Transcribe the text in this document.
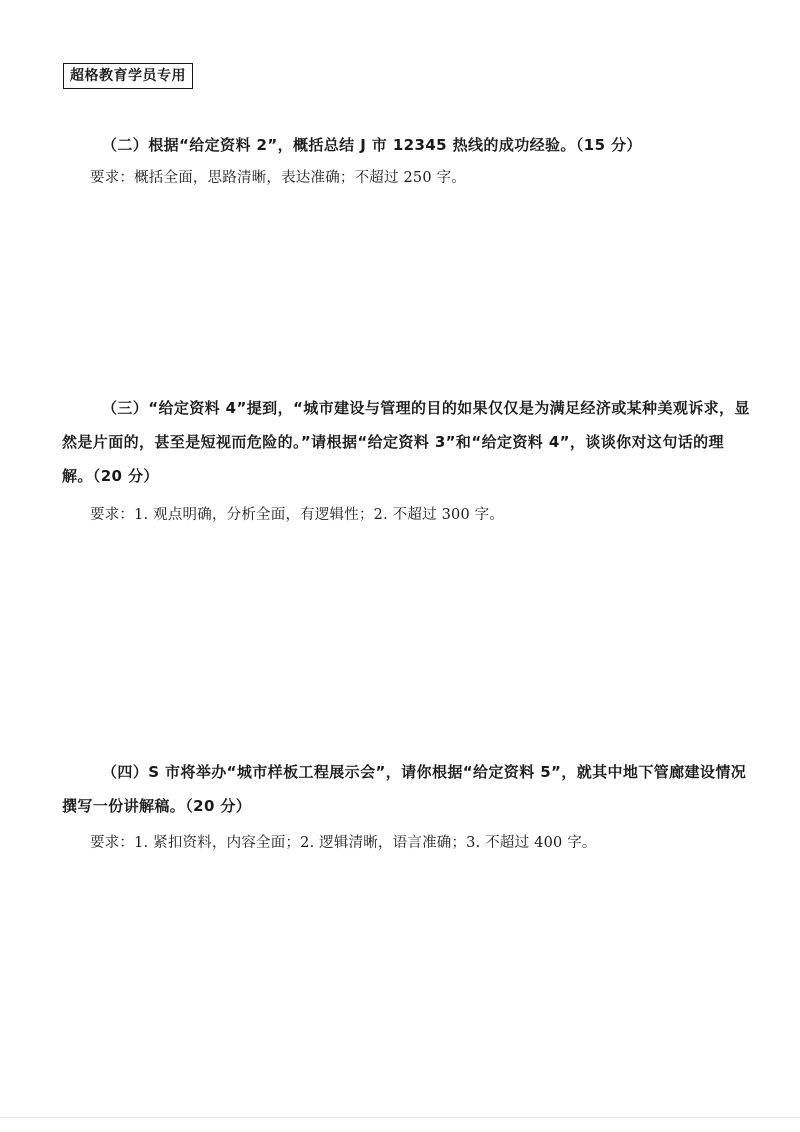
超格教育学员专用

（二）根据“给定资料 2”，概括总结 J 市 12345 热线的成功经验。（15 分）

要求：概括全面，思路清晰，表达准确；不超过 250 字。

（三）“给定资料 4”提到，“城市建设与管理的目的如果仅仅是为满足经济或某种美观诉求，显然是片面的，甚至是短视而危险的。”请根据“给定资料 3”和“给定资料 4”，谈谈你对这句话的理解。（20 分）

要求：1. 观点明确，分析全面，有逻辑性；2. 不超过 300 字。

（四）S 市将举办“城市样板工程展示会”，请你根据“给定资料 5”，就其中地下管廊建设情况撰写一份讲解稿。（20 分）

要求：1. 紧扣资料，内容全面；2. 逻辑清晰，语言准确；3. 不超过 400 字。
